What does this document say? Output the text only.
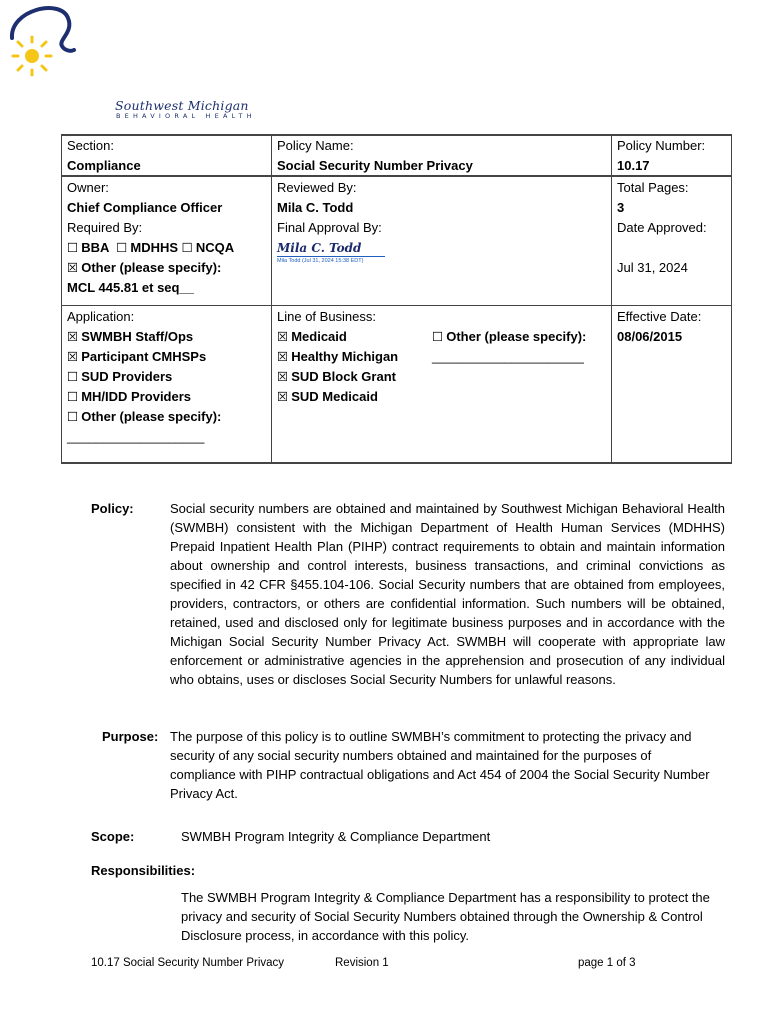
Southwest Michigan
BEHAVIORAL HEALTH
Section:
Compliance
Policy Name:
Social Security Number Privacy
Policy Number:
10.17
Owner:
Chief Compliance Officer
Required By:
☐ BBA ☐ MDHHS ☐ NCQA
☒ Other (please specify):
MCL 445.81 et seq__
Reviewed By:
Mila C. Todd
Final Approval By:
Mila C. Todd
Mila Todd (Jul 31, 2024 15:38 EDT)
Total Pages:
3
Date Approved:
Jul 31, 2024
Application:
☒ SWMBH Staff/Ops
☒ Participant CMHSPs
☐ SUD Providers
☐ MH/IDD Providers
☐ Other (please specify):
___________________
Line of Business:
☒ Medicaid
☒ Healthy Michigan
☒ SUD Block Grant
☒ SUD Medicaid
☐ Other (please specify):
_____________________
Effective Date:
08/06/2015
Policy:	Social security numbers are obtained and maintained by Southwest Michigan Behavioral Health (SWMBH) consistent with the Michigan Department of Health Human Services (MDHHS) Prepaid Inpatient Health Plan (PIHP) contract requirements to obtain and maintain information about ownership and control interests, business transactions, and criminal convictions as specified in 42 CFR §455.104-106. Social Security numbers that are obtained from employees, providers, contractors, or others are confidential information. Such numbers will be obtained, retained, used and disclosed only for legitimate business purposes and in accordance with the Michigan Social Security Number Privacy Act. SWMBH will cooperate with appropriate law enforcement or administrative agencies in the apprehension and prosecution of any individual who obtains, uses or discloses Social Security Numbers for unlawful reasons.
Purpose: The purpose of this policy is to outline SWMBH’s commitment to protecting the privacy and security of any social security numbers obtained and maintained for the purposes of compliance with PIHP contractual obligations and Act 454 of 2004 the Social Security Number Privacy Act.
Scope:	SWMBH Program Integrity & Compliance Department
Responsibilities:
The SWMBH Program Integrity & Compliance Department has a responsibility to protect the privacy and security of Social Security Numbers obtained through the Ownership & Control Disclosure process, in accordance with this policy.
10.17 Social Security Number Privacy	Revision 1	page 1 of 3
